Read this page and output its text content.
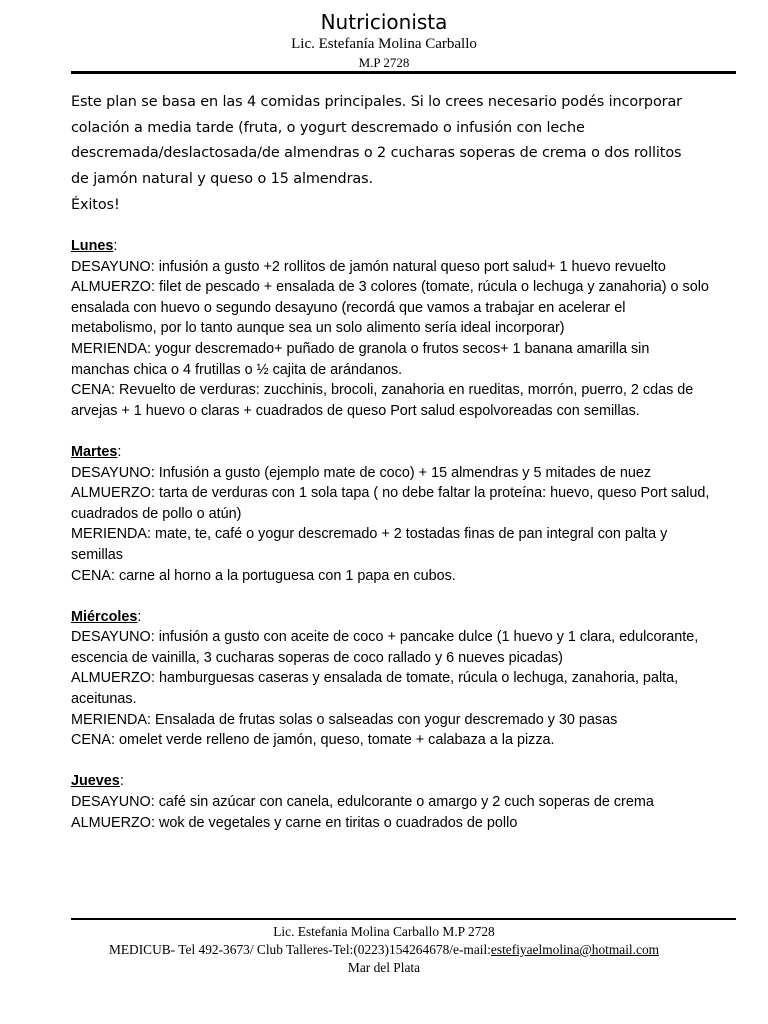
Nutricionista
Lic. Estefanía Molina Carballo
M.P 2728
Este plan se basa en las 4 comidas principales. Si lo crees necesario podés incorporar
colación a media tarde (fruta, o yogurt descremado o infusión con leche
descremada/deslactosada/de almendras o 2 cucharas soperas de crema o dos rollitos
de jamón natural y queso o 15 almendras.
Éxitos!
Lunes:
DESAYUNO: infusión a gusto +2 rollitos de jamón natural queso port salud+ 1 huevo revuelto
ALMUERZO: filet de pescado + ensalada de 3 colores (tomate, rúcula o lechuga y zanahoria) o solo ensalada con huevo o segundo desayuno (recordá que vamos a trabajar en acelerar el metabolismo, por lo tanto aunque sea un solo alimento sería ideal incorporar)
MERIENDA: yogur descremado+ puñado de granola o frutos secos+ 1 banana amarilla sin manchas chica o 4 frutillas o ½ cajita de arándanos.
CENA: Revuelto de verduras: zucchinis, brocoli, zanahoria en rueditas, morrón, puerro, 2 cdas de arvejas + 1 huevo o claras + cuadrados de queso Port salud espolvoreadas con semillas.
Martes:
DESAYUNO: Infusión a gusto (ejemplo mate de coco) + 15 almendras y 5 mitades de nuez
ALMUERZO: tarta de verduras con 1 sola tapa ( no debe faltar la proteína: huevo, queso Port salud, cuadrados de pollo o atún)
MERIENDA: mate, te, café o yogur descremado + 2 tostadas finas de pan integral con palta y semillas
CENA: carne al horno a la portuguesa con 1 papa en cubos.
Miércoles:
DESAYUNO: infusión a gusto con aceite de coco + pancake dulce (1 huevo y 1 clara, edulcorante, escencia de vainilla, 3 cucharas soperas de coco rallado y 6 nueves picadas)
ALMUERZO: hamburguesas caseras y ensalada de tomate, rúcula o lechuga, zanahoria, palta, aceitunas.
MERIENDA: Ensalada de frutas solas o salseadas con yogur descremado y 30 pasas
CENA: omelet verde relleno de jamón, queso, tomate + calabaza a la pizza.
Jueves:
DESAYUNO: café sin azúcar con canela, edulcorante o amargo y 2 cuch soperas de crema
ALMUERZO: wok de vegetales y carne en tiritas o cuadrados de pollo
Lic. Estefania Molina Carballo M.P 2728
MEDICUB- Tel 492-3673/ Club Talleres-Tel:(0223)154264678/e-mail:estefiyaelmolina@hotmail.com
Mar del Plata
